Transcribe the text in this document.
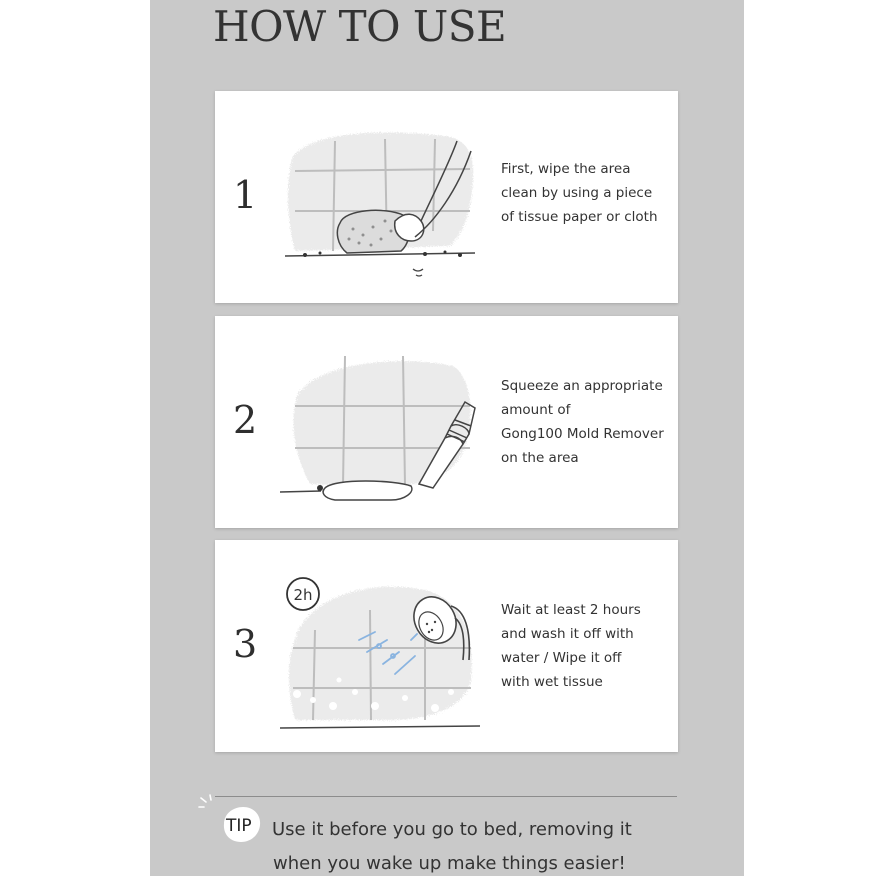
HOW TO USE
1
First, wipe the area
clean by using a piece
of tissue paper or cloth
2
Squeeze an appropriate
amount of
Gong100 Mold Remover
on the area
3
2h
Wait at least 2 hours
and wash it off with
water / Wipe it off
with wet tissue
TIP Use it before you go to bed, removing it
when you wake up make things easier!
